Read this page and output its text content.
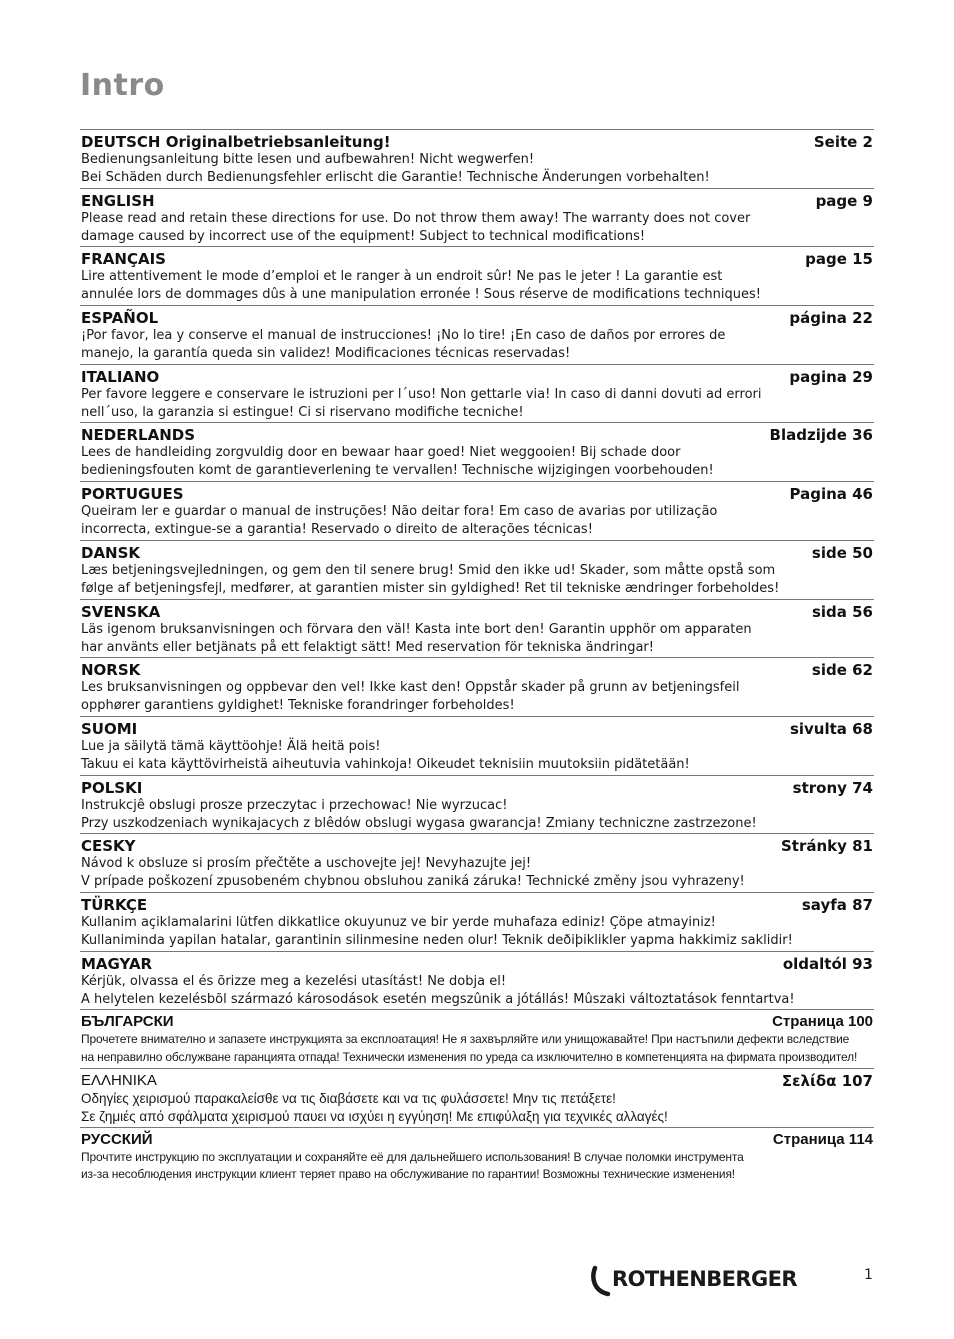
Intro
DEUTSCH Originalbetriebsanleitung!	Seite 2
Bedienungsanleitung bitte lesen und aufbewahren! Nicht wegwerfen!
Bei Schäden durch Bedienungsfehler erlischt die Garantie! Technische Änderungen vorbehalten!
ENGLISH	page 9
Please read and retain these directions for use. Do not throw them away! The warranty does not cover
damage caused by incorrect use of the equipment! Subject to technical modifications!
FRANÇAIS	page 15
Lire attentivement le mode d’emploi et le ranger à un endroit sûr! Ne pas le jeter ! La garantie est
annulée lors de dommages dûs à une manipulation erronée ! Sous réserve de modifications techniques!
ESPAÑOL	página 22
¡Por favor, lea y conserve el manual de instrucciones! ¡No lo tire! ¡En caso de daños por errores de
manejo, la garantía queda sin validez! Modificaciones técnicas reservadas!
ITALIANO	pagina 29
Per favore leggere e conservare le istruzioni per l´uso! Non gettarle via! In caso di danni dovuti ad errori
nell´uso, la garanzia si estingue! Ci si riservano modifiche tecniche!
NEDERLANDS	Bladzijde 36
Lees de handleiding zorgvuldig door en bewaar haar goed! Niet weggooien! Bij schade door
bedieningsfouten komt de garantieverlening te vervallen! Technische wijzigingen voorbehouden!
PORTUGUES	Pagina 46
Queiram ler e guardar o manual de instruções! Não deitar fora! Em caso de avarias por utilização
incorrecta, extingue-se a garantia! Reservado o direito de alterações técnicas!
DANSK	side 50
Læs betjeningsvejledningen, og gem den til senere brug! Smid den ikke ud! Skader, som måtte opstå som
følge af betjeningsfejl, medfører, at garantien mister sin gyldighed! Ret til tekniske ændringer forbeholdes!
SVENSKA	sida 56
Läs igenom bruksanvisningen och förvara den väl! Kasta inte bort den! Garantin upphör om apparaten
har använts eller betjänats på ett felaktigt sätt! Med reservation för tekniska ändringar!
NORSK	side 62
Les bruksanvisningen og oppbevar den vel! Ikke kast den! Oppstår skader på grunn av betjeningsfeil
opphører garantiens gyldighet! Tekniske forandringer forbeholdes!
SUOMI	sivulta 68
Lue ja säilytä tämä käyttöohje! Älä heitä pois!
Takuu ei kata käyttövirheistä aiheutuvia vahinkoja! Oikeudet teknisiin muutoksiin pidätetään!
POLSKI	strony 74
Instrukcjê obslugi prosze przeczytac i przechowac! Nie wyrzucac!
Przy uszkodzeniach wynikajacych z blêdów obslugi wygasa gwarancja! Zmiany techniczne zastrzezone!
CESKY	Stránky 81
Návod k obsluze si prosím přečtěte a uschovejte jej! Nevyhazujte jej!
V prípade poškození zpusobeném chybnou obsluhou zaniká záruka! Technické změny jsou vyhrazeny!
TÜRKÇE	sayfa 87
Kullanim açiklamalarini lütfen dikkatlice okuyunuz ve bir yerde muhafaza ediniz! Çöpe atmayiniz!
Kullaniminda yapilan hatalar, garantinin silinmesine neden olur! Teknik deðiþiklikler yapma hakkimiz saklidir!
MAGYAR	oldaltól 93
Kérjük, olvassa el és õrizze meg a kezelési utasítást! Ne dobja el!
A helytelen kezelésbõl származó károsodások esetén megszûnik a jótállás! Mûszaki változtatások fenntartva!
БЪЛГАРСКИ	Страница 100
Прочетете внимателно и запазете инструкцията за експлоатация! Не я захвърляйте или унищожавайте! При настъпили дефекти вследствие
на неправилно обслужване гаранцията отпада! Технически изменения по уреда са изключително в компетенцията на фирмата производител!
ΕΛΛΗΝΙΚΑ	Σελίδα 107
Οδηγίες χειρισμού παρακαλείσθε να τις διαβάσετε και να τις φυλάσσετε! Μην τις πετάξετε!
Σε ζημιές από σφάλματα χειρισμού παυει να ισχύει η εγγύηση! Με επιφύλαξη για τεχνικές αλλαγές!
РУССКИЙ	Страница 114
Прочтите инструкцию по эксплуатации и сохраняйте её для дальнейшего использования! В случае поломки инструмента
из-за несоблюдения инструкции клиент теряет право на обслуживание по гарантии! Возможны технические изменения!
ROTHENBERGER	1
